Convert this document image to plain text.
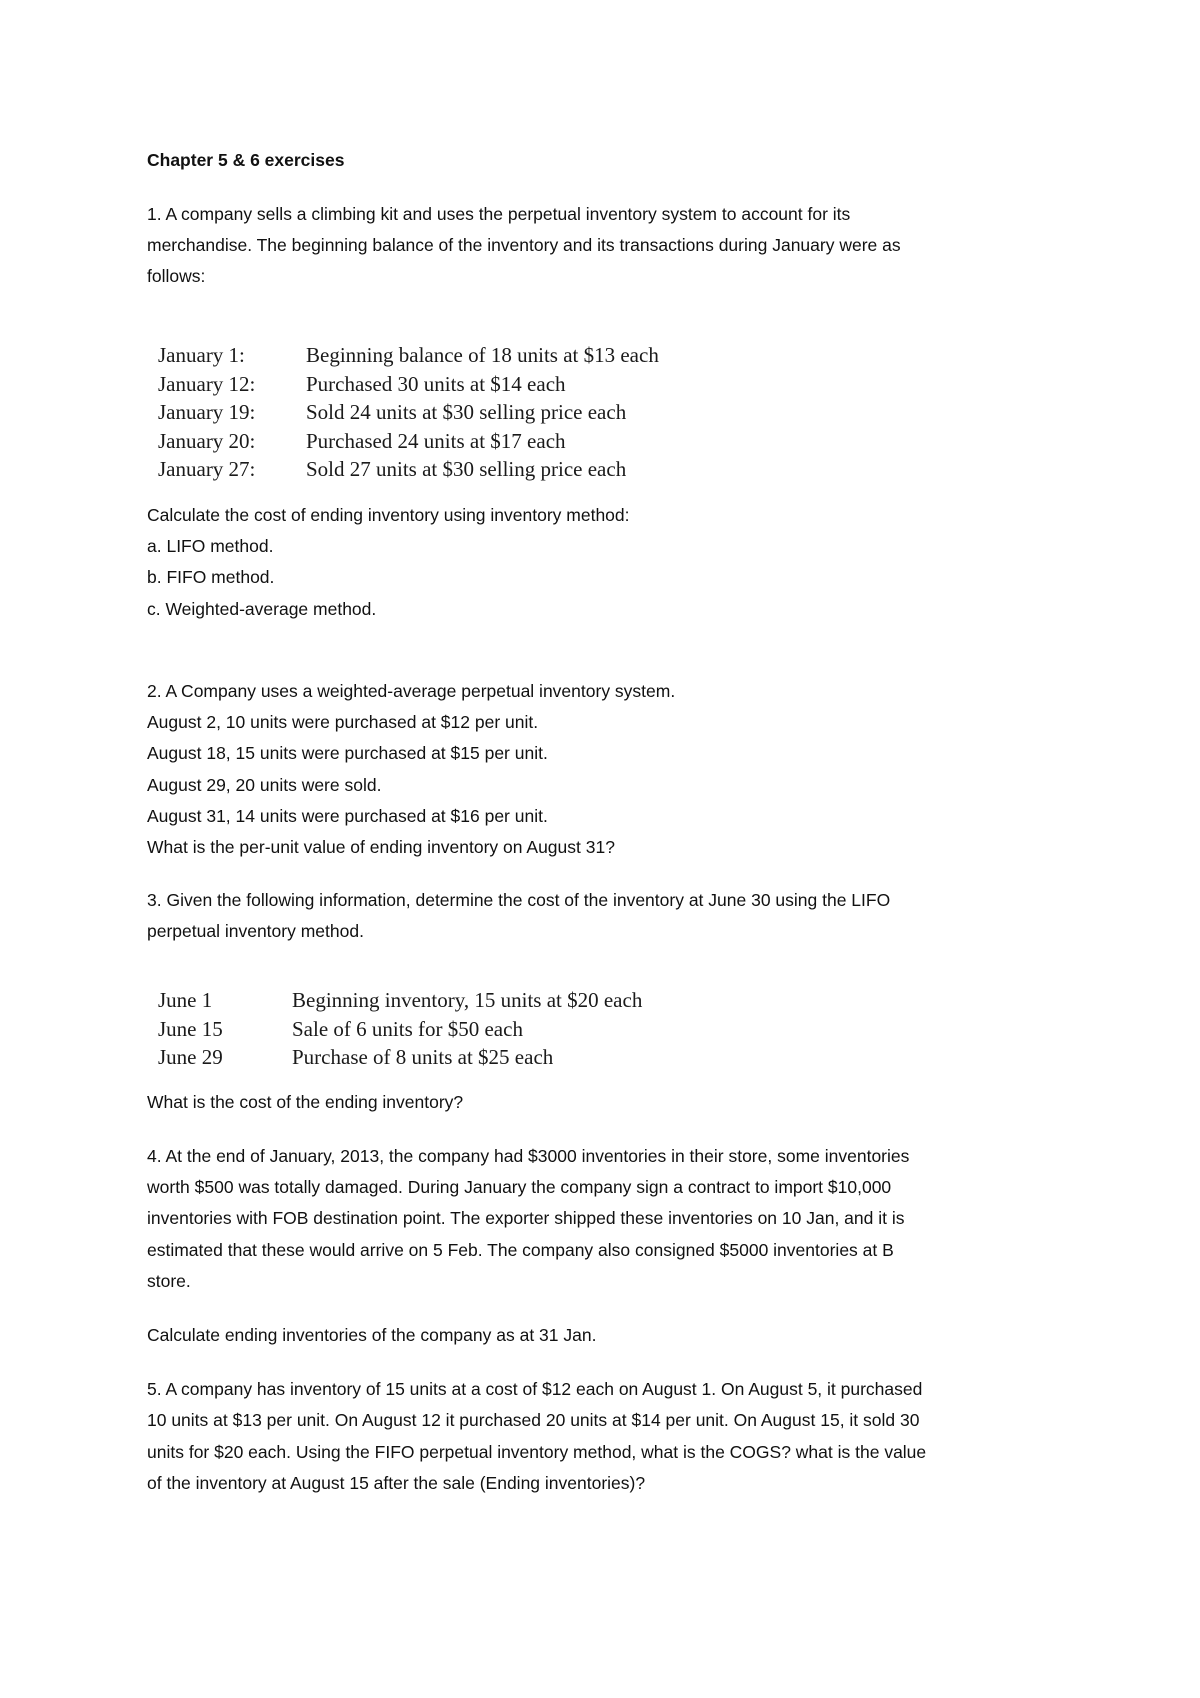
Chapter 5 & 6 exercises

1. A company sells a climbing kit and uses the perpetual inventory system to account for its

merchandise. The beginning balance of the inventory and its transactions during January were as

follows:

January 1:	Beginning balance of 18 units at $13 each
January 12:	Purchased 30 units at $14 each
January 19:	Sold 24 units at $30 selling price each
January 20:	Purchased 24 units at $17 each
January 27:	Sold 27 units at $30 selling price each

Calculate the cost of ending inventory using inventory method:

a. LIFO method.

b. FIFO method.

c. Weighted-average method.

2. A Company uses a weighted-average perpetual inventory system.

August 2, 10 units were purchased at $12 per unit.

August 18, 15 units were purchased at $15 per unit.

August 29, 20 units were sold.

August 31, 14 units were purchased at $16 per unit.

What is the per-unit value of ending inventory on August 31?

3. Given the following information, determine the cost of the inventory at June 30 using the LIFO

perpetual inventory method.

June 1	Beginning inventory, 15 units at $20 each
June 15	Sale of 6 units for $50 each
June 29	Purchase of 8 units at $25 each

What is the cost of the ending inventory?

4. At the end of January, 2013, the company had $3000 inventories in their store, some inventories

worth $500 was totally damaged. During January the company sign a contract to import $10,000

inventories with FOB destination point. The exporter shipped these inventories on 10 Jan, and it is

estimated that these would arrive on 5 Feb. The company also consigned $5000 inventories at B

store.

Calculate ending inventories of the company as at 31 Jan.

5. A company has inventory of 15 units at a cost of $12 each on August 1. On August 5, it purchased

10 units at $13 per unit. On August 12 it purchased 20 units at $14 per unit. On August 15, it sold 30

units for $20 each. Using the FIFO perpetual inventory method, what is the COGS? what is the value

of the inventory at August 15 after the sale (Ending inventories)?
